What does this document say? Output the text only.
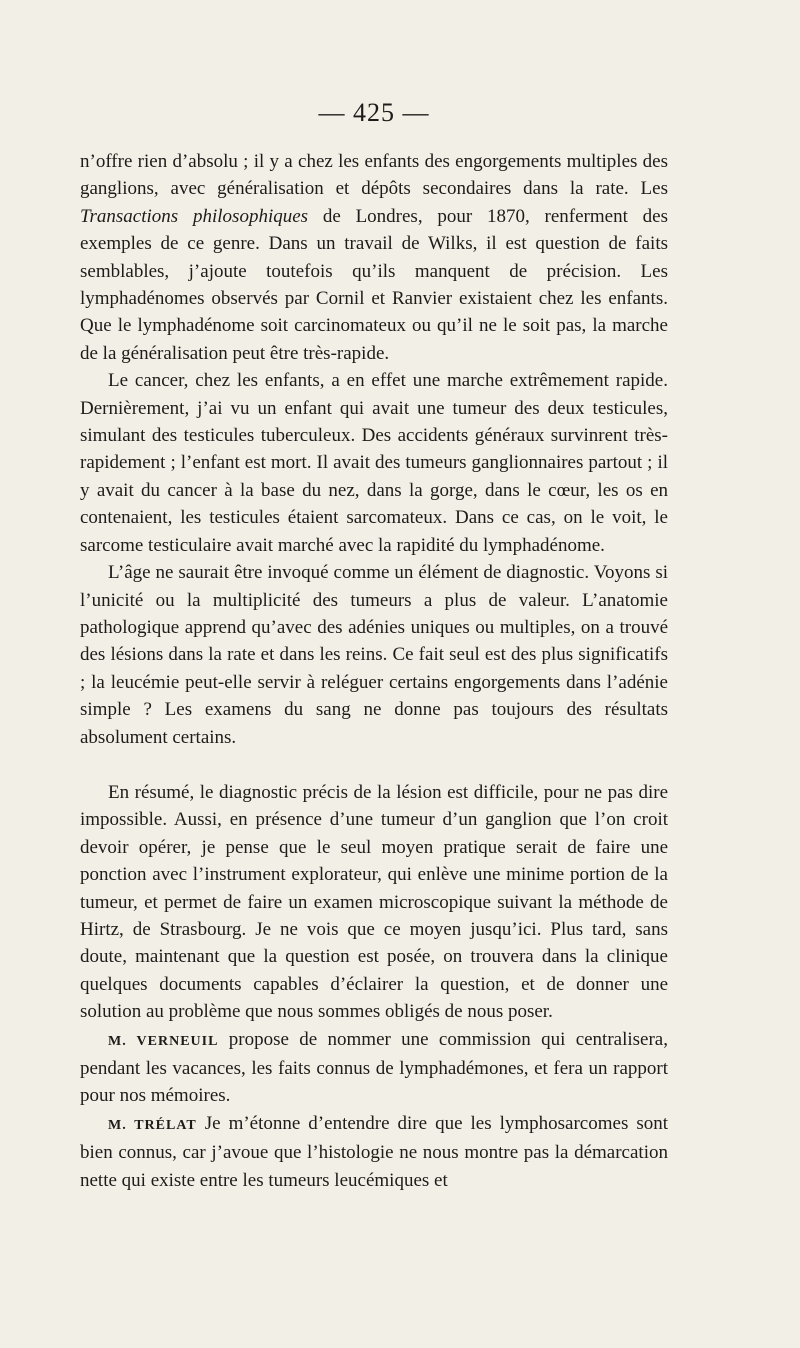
— 425 —

n’offre rien d’absolu ; il y a chez les enfants des engorgements multiples des ganglions, avec généralisation et dépôts secondaires dans la rate. Les Transactions philosophiques de Londres, pour 1870, renferment des exemples de ce genre. Dans un travail de Wilks, il est question de faits semblables, j’ajoute toutefois qu’ils manquent de précision. Les lymphadénomes observés par Cornil et Ranvier existaient chez les enfants. Que le lymphadénome soit carcinomateux ou qu’il ne le soit pas, la marche de la généralisation peut être très-rapide.

Le cancer, chez les enfants, a en effet une marche extrêmement rapide. Dernièrement, j’ai vu un enfant qui avait une tumeur des deux testicules, simulant des testicules tuberculeux. Des accidents généraux survinrent très-rapidement ; l’enfant est mort. Il avait des tumeurs ganglionnaires partout ; il y avait du cancer à la base du nez, dans la gorge, dans le cœur, les os en contenaient, les testicules étaient sarcomateux. Dans ce cas, on le voit, le sarcome testiculaire avait marché avec la rapidité du lymphadénome.

L’âge ne saurait être invoqué comme un élément de diagnostic. Voyons si l’unicité ou la multiplicité des tumeurs a plus de valeur. L’anatomie pathologique apprend qu’avec des adénies uniques ou multiples, on a trouvé des lésions dans la rate et dans les reins. Ce fait seul est des plus significatifs ; la leucémie peut-elle servir à reléguer certains engorgements dans l’adénie simple ? Les examens du sang ne donne pas toujours des résultats absolument certains.

En résumé, le diagnostic précis de la lésion est difficile, pour ne pas dire impossible. Aussi, en présence d’une tumeur d’un ganglion que l’on croit devoir opérer, je pense que le seul moyen pratique serait de faire une ponction avec l’instrument explorateur, qui enlève une minime portion de la tumeur, et permet de faire un examen microscopique suivant la méthode de Hirtz, de Strasbourg. Je ne vois que ce moyen jusqu’ici. Plus tard, sans doute, maintenant que la question est posée, on trouvera dans la clinique quelques documents capables d’éclairer la question, et de donner une solution au problème que nous sommes obligés de nous poser.

M. VERNEUIL propose de nommer une commission qui centralisera, pendant les vacances, les faits connus de lymphadémones, et fera un rapport pour nos mémoires.

M. TRÉLAT Je m’étonne d’entendre dire que les lymphosarcomes sont bien connus, car j’avoue que l’histologie ne nous montre pas la démarcation nette qui existe entre les tumeurs leucémiques et
